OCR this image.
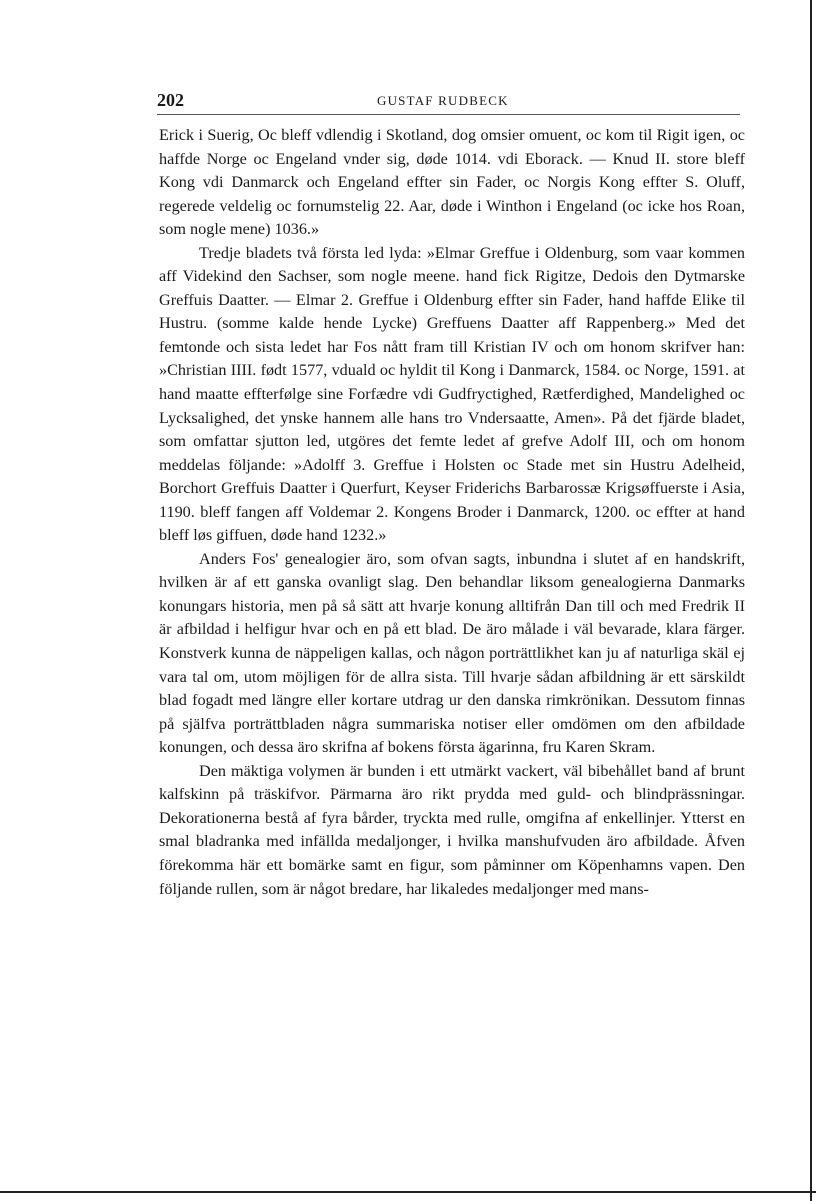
202	GUSTAF RUDBECK

Erick i Suerig, Oc bleff vdlendig i Skotland, dog omsier omuent, oc kom til Rigit igen, oc haffde Norge oc Engeland vnder sig, døde 1014. vdi Eborack. — Knud II. store bleff Kong vdi Danmarck och Engeland effter sin Fader, oc Norgis Kong effter S. Oluff, regerede veldelig oc fornumstelig 22. Aar, døde i Winthon i Engeland (oc icke hos Roan, som nogle mene) 1036.»

Tredje bladets två första led lyda: »Elmar Greffue i Oldenburg, som vaar kommen aff Videkind den Sachser, som nogle meene. hand fick Rigitze, Dedois den Dytmarske Greffuis Daatter. — Elmar 2. Greffue i Oldenburg effter sin Fader, hand haffde Elike til Hustru. (somme kalde hende Lycke) Greffuens Daatter aff Rappenberg.» Med det femtonde och sista ledet har Fos nått fram till Kristian IV och om honom skrifver han: »Christian IIII. født 1577, vduald oc hyldit til Kong i Danmarck, 1584. oc Norge, 1591. at hand maatte effterfølge sine Forfædre vdi Gudfryctighed, Rætferdighed, Mandelighed oc Lycksalighed, det ynske hannem alle hans tro Vndersaatte, Amen». På det fjärde bladet, som omfattar sjutton led, utgöres det femte ledet af grefve Adolf III, och om honom meddelas följande: »Adolff 3. Greffue i Holsten oc Stade met sin Hustru Adelheid, Borchort Greffuis Daatter i Querfurt, Keyser Friderichs Barbarossæ Krigsøffuerste i Asia, 1190. bleff fangen aff Voldemar 2. Kongens Broder i Danmarck, 1200. oc effter at hand bleff løs giffuen, døde hand 1232.»

Anders Fos' genealogier äro, som ofvan sagts, inbundna i slutet af en handskrift, hvilken är af ett ganska ovanligt slag. Den behandlar liksom genealogierna Danmarks konungars historia, men på så sätt att hvarje konung alltifrån Dan till och med Fredrik II är afbildad i helfigur hvar och en på ett blad. De äro målade i väl bevarade, klara färger. Konstverk kunna de näppeligen kallas, och någon porträttlikhet kan ju af naturliga skäl ej vara tal om, utom möjligen för de allra sista. Till hvarje sådan afbildning är ett särskildt blad fogadt med längre eller kortare utdrag ur den danska rimkrönikan. Dessutom finnas på själfva porträttbladen några summariska notiser eller omdömen om den afbildade konungen, och dessa äro skrifna af bokens första ägarinna, fru Karen Skram.

Den mäktiga volymen är bunden i ett utmärkt vackert, väl bibehållet band af brunt kalfskinn på träskifvor. Pärmarna äro rikt prydda med guld- och blindprässningar. Dekorationerna bestå af fyra bårder, tryckta med rulle, omgifna af enkellinjer. Ytterst en smal bladranka med infällda medaljonger, i hvilka manshufvuden äro afbildade. Åfven förekomma här ett bomärke samt en figur, som påminner om Köpenhamns vapen. Den följande rullen, som är något bredare, har likaledes medaljonger med mans-
